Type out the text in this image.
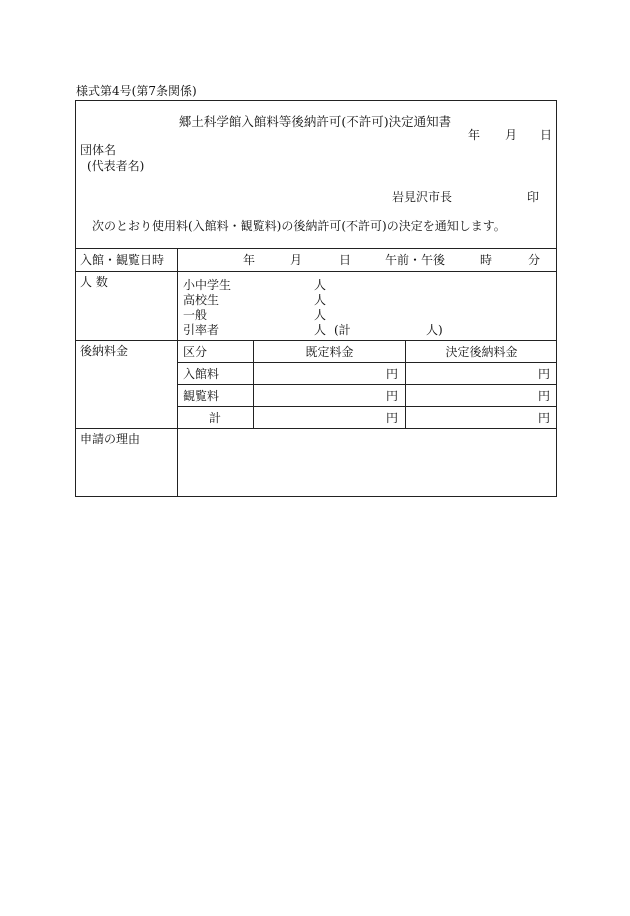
様式第4号(第7条関係)
郷土科学館入館料等後納許可(不許可)決定通知書
年 月 日
団体名
(代表者名)
岩見沢市長	印
次のとおり使用料(入館料・観覧料)の後納許可(不許可)の決定を通知します。
入館・観覧日時	年	月	日	午前・午後	時	分
人 数	小中学生	人
高校生	人
一般	人
引率者	人 (計	人)
後納料金	区分	既定料金	決定後納料金
入館料	円	円
観覧料	円	円
計	円	円
申請の理由
